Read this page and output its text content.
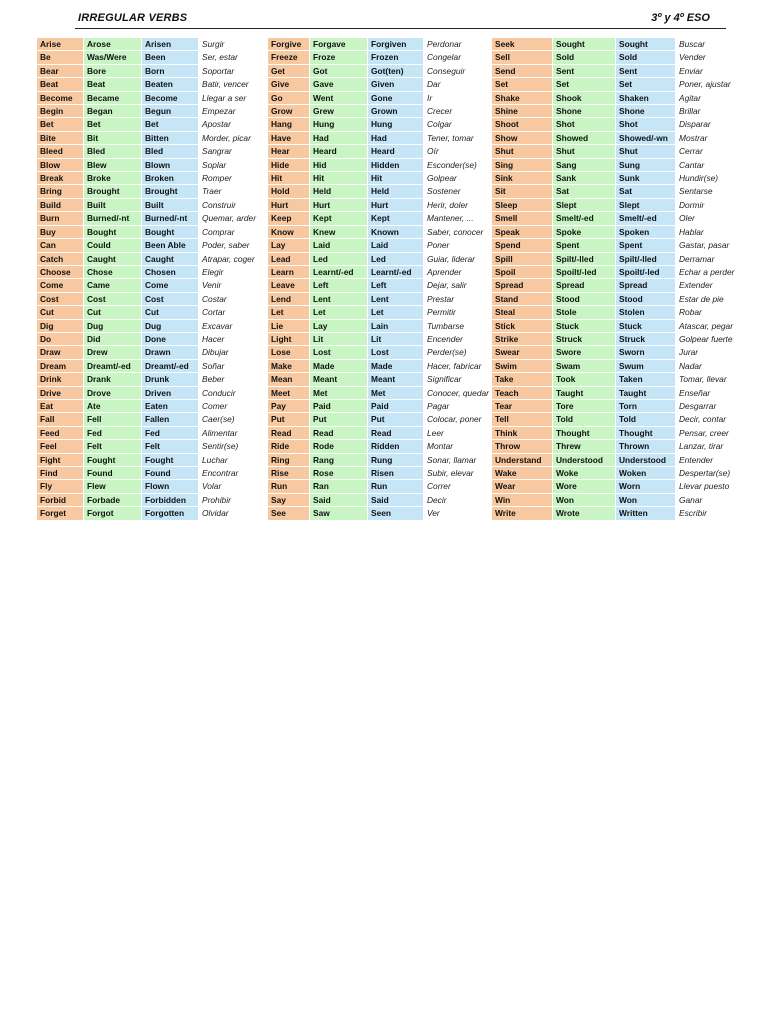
IRREGULAR VERBS	3º y 4º ESO
Arise	Arose	Arisen	Surgir
Be	Was/Were	Been	Ser, estar
Bear	Bore	Born	Soportar
Beat	Beat	Beaten	Batir, vencer
Become	Became	Become	Llegar a ser
Begin	Began	Begun	Empezar
Bet	Bet	Bet	Apostar
Bite	Bit	Bitten	Morder, picar
Bleed	Bled	Bled	Sangrar
Blow	Blew	Blown	Soplar
Break	Broke	Broken	Romper
Bring	Brought	Brought	Traer
Build	Built	Built	Construir
Burn	Burned/-nt	Burned/-nt	Quemar, arder
Buy	Bought	Bought	Comprar
Can	Could	Been Able	Poder, saber
Catch	Caught	Caught	Atrapar, coger
Choose	Chose	Chosen	Elegir
Come	Came	Come	Venir
Cost	Cost	Cost	Costar
Cut	Cut	Cut	Cortar
Dig	Dug	Dug	Excavar
Do	Did	Done	Hacer
Draw	Drew	Drawn	Dibujar
Dream	Dreamt/-ed	Dreamt/-ed	Soñar
Drink	Drank	Drunk	Beber
Drive	Drove	Driven	Conducir
Eat	Ate	Eaten	Comer
Fall	Fell	Fallen	Caer(se)
Feed	Fed	Fed	Alimentar
Feel	Felt	Felt	Sentir(se)
Fight	Fought	Fought	Luchar
Find	Found	Found	Encontrar
Fly	Flew	Flown	Volar
Forbid	Forbade	Forbidden	Prohibir
Forget	Forgot	Forgotten	Olvidar
Forgive	Forgave	Forgiven	Perdonar
Freeze	Froze	Frozen	Congelar
Get	Got	Got(ten)	Conseguir
Give	Gave	Given	Dar
Go	Went	Gone	Ir
Grow	Grew	Grown	Crecer
Hang	Hung	Hung	Colgar
Have	Had	Had	Tener, tomar
Hear	Heard	Heard	Oír
Hide	Hid	Hidden	Esconder(se)
Hit	Hit	Hit	Golpear
Hold	Held	Held	Sostener
Hurt	Hurt	Hurt	Herir, doler
Keep	Kept	Kept	Mantener, ...
Know	Knew	Known	Saber, conocer
Lay	Laid	Laid	Poner
Lead	Led	Led	Guiar, liderar
Learn	Learnt/-ed	Learnt/-ed	Aprender
Leave	Left	Left	Dejar, salir
Lend	Lent	Lent	Prestar
Let	Let	Let	Permitir
Lie	Lay	Lain	Tumbarse
Light	Lit	Lit	Encender
Lose	Lost	Lost	Perder(se)
Make	Made	Made	Hacer, fabricar
Mean	Meant	Meant	Significar
Meet	Met	Met	Conocer, quedar
Pay	Paid	Paid	Pagar
Put	Put	Put	Colocar, poner
Read	Read	Read	Leer
Ride	Rode	Ridden	Montar
Ring	Rang	Rung	Sonar, llamar
Rise	Rose	Risen	Subir, elevar
Run	Ran	Run	Correr
Say	Said	Said	Decir
See	Saw	Seen	Ver
Seek	Sought	Sought	Buscar
Sell	Sold	Sold	Vender
Send	Sent	Sent	Enviar
Set	Set	Set	Poner, ajustar
Shake	Shook	Shaken	Agitar
Shine	Shone	Shone	Brillar
Shoot	Shot	Shot	Disparar
Show	Showed	Showed/-wn	Mostrar
Shut	Shut	Shut	Cerrar
Sing	Sang	Sung	Cantar
Sink	Sank	Sunk	Hundir(se)
Sit	Sat	Sat	Sentarse
Sleep	Slept	Slept	Dormir
Smell	Smelt/-ed	Smelt/-ed	Oler
Speak	Spoke	Spoken	Hablar
Spend	Spent	Spent	Gastar, pasar
Spill	Spilt/-lled	Spilt/-lled	Derramar
Spoil	Spoilt/-led	Spoilt/-led	Echar a perder
Spread	Spread	Spread	Extender
Stand	Stood	Stood	Estar de pie
Steal	Stole	Stolen	Robar
Stick	Stuck	Stuck	Atascar, pegar
Strike	Struck	Struck	Golpear fuerte
Swear	Swore	Sworn	Jurar
Swim	Swam	Swum	Nadar
Take	Took	Taken	Tomar, llevar
Teach	Taught	Taught	Enseñar
Tear	Tore	Torn	Desgarrar
Tell	Told	Told	Decir, contar
Think	Thought	Thought	Pensar, creer
Throw	Threw	Thrown	Lanzar, tirar
Understand	Understood	Understood	Entender
Wake	Woke	Woken	Despertar(se)
Wear	Wore	Worn	Llevar puesto
Win	Won	Won	Ganar
Write	Wrote	Written	Escribir
